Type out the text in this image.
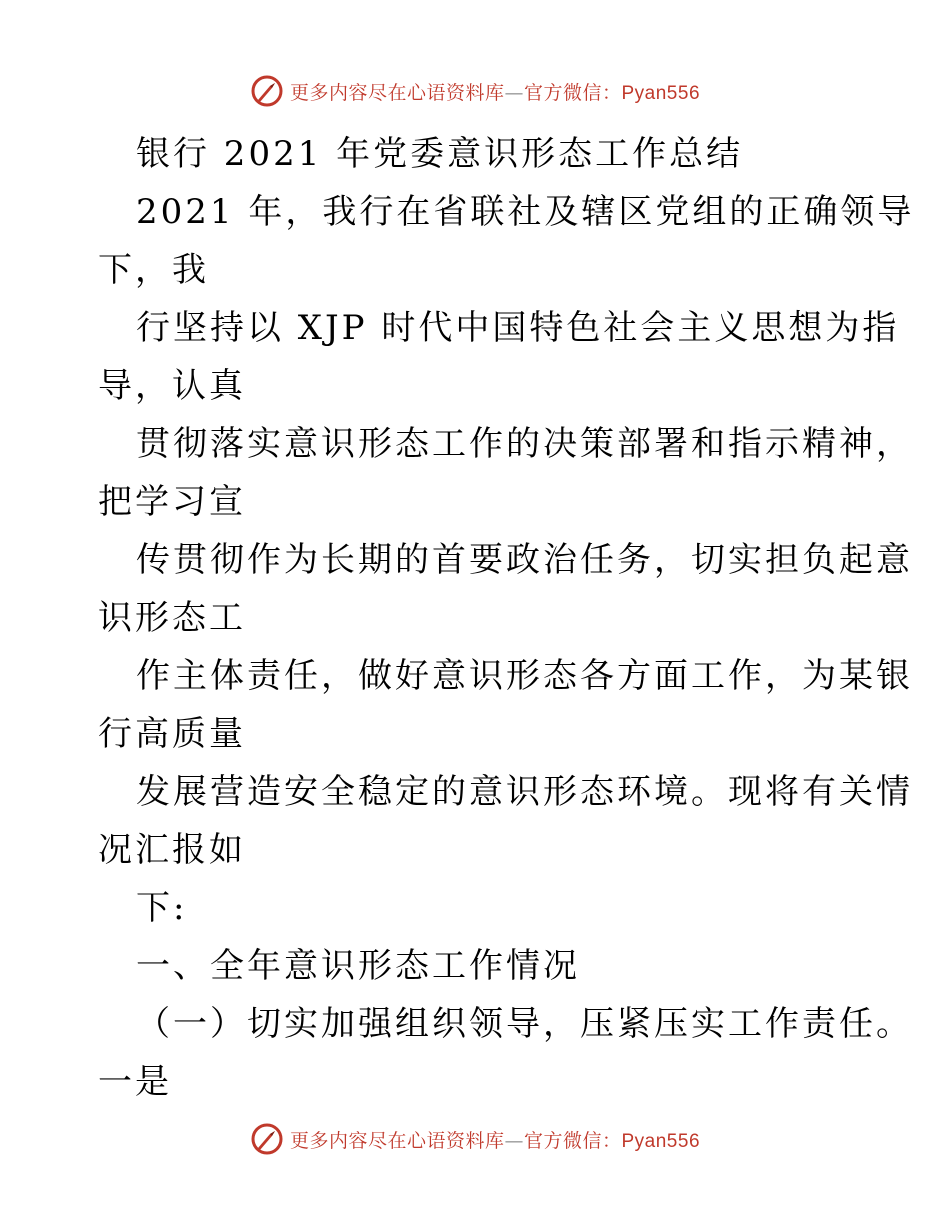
更多内容尽在心语资料库—官方微信：Pyan556
银行 2021 年党委意识形态工作总结
2021 年，我行在省联社及辖区党组的正确领导
下，我
行坚持以 XJP 时代中国特色社会主义思想为指
导，认真
贯彻落实意识形态工作的决策部署和指示精神，
把学习宣
传贯彻作为长期的首要政治任务，切实担负起意
识形态工
作主体责任，做好意识形态各方面工作，为某银
行高质量
发展营造安全稳定的意识形态环境。现将有关情
况汇报如
下:
一、全年意识形态工作情况
（一）切实加强组织领导，压紧压实工作责任。
一是
更多内容尽在心语资料库—官方微信：Pyan556
